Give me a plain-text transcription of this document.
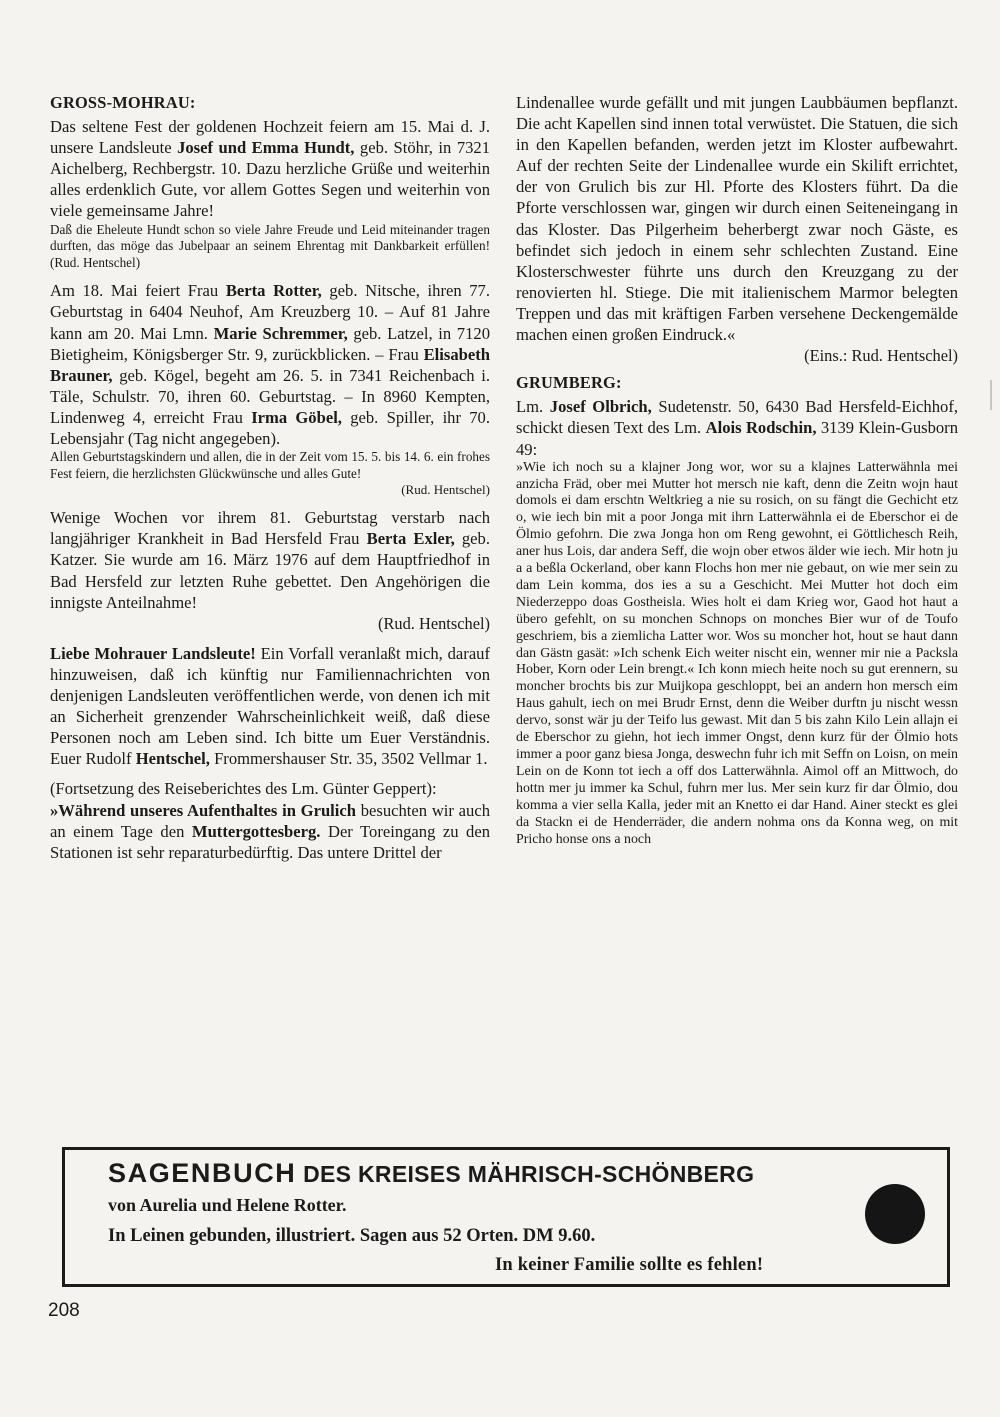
GROSS-MOHRAU:

Das seltene Fest der goldenen Hochzeit feiern am 15. Mai d. J. unsere Landsleute Josef und Emma Hundt, geb. Stöhr, in 7321 Aichelberg, Rechbergstr. 10. Dazu herzliche Grüße und weiterhin alles erdenklich Gute, vor allem Gottes Segen und weiterhin von viele gemeinsame Jahre!

Daß die Eheleute Hundt schon so viele Jahre Freude und Leid miteinander tragen durften, das möge das Jubelpaar an seinem Ehrentag mit Dankbarkeit erfüllen! (Rud. Hentschel)

Am 18. Mai feiert Frau Berta Rotter, geb. Nitsche, ihren 77. Geburtstag in 6404 Neuhof, Am Kreuzberg 10. – Auf 81 Jahre kann am 20. Mai Lmn. Marie Schremmer, geb. Latzel, in 7120 Bietigheim, Königsberger Str. 9, zurückblicken. – Frau Elisabeth Brauner, geb. Kögel, begeht am 26. 5. in 7341 Reichenbach i. Täle, Schulstr. 70, ihren 60. Geburtstag. – In 8960 Kempten, Lindenweg 4, erreicht Frau Irma Göbel, geb. Spiller, ihr 70. Lebensjahr (Tag nicht angegeben).

Allen Geburtstagskindern und allen, die in der Zeit vom 15. 5. bis 14. 6. ein frohes Fest feiern, die herzlichsten Glückwünsche und alles Gute!

(Rud. Hentschel)

Wenige Wochen vor ihrem 81. Geburtstag verstarb nach langjähriger Krankheit in Bad Hersfeld Frau Berta Exler, geb. Katzer. Sie wurde am 16. März 1976 auf dem Hauptfriedhof in Bad Hersfeld zur letzten Ruhe gebettet. Den Angehörigen die innigste Anteilnahme!

(Rud. Hentschel)

Liebe Mohrauer Landsleute! Ein Vorfall veranlaßt mich, darauf hinzuweisen, daß ich künftig nur Familiennachrichten von denjenigen Landsleuten veröffentlichen werde, von denen ich mit an Sicherheit grenzender Wahrscheinlichkeit weiß, daß diese Personen noch am Leben sind. Ich bitte um Euer Verständnis. Euer Rudolf Hentschel, Frommershauser Str. 35, 3502 Vellmar 1.

(Fortsetzung des Reiseberichtes des Lm. Günter Geppert):

»Während unseres Aufenthaltes in Grulich besuchten wir auch an einem Tage den Muttergottesberg. Der Toreingang zu den Stationen ist sehr reparaturbedürftig. Das untere Drittel der

Lindenallee wurde gefällt und mit jungen Laubbäumen bepflanzt. Die acht Kapellen sind innen total verwüstet. Die Statuen, die sich in den Kapellen befanden, werden jetzt im Kloster aufbewahrt. Auf der rechten Seite der Lindenallee wurde ein Skilift errichtet, der von Grulich bis zur Hl. Pforte des Klosters führt. Da die Pforte verschlossen war, gingen wir durch einen Seiteneingang in das Kloster. Das Pilgerheim beherbergt zwar noch Gäste, es befindet sich jedoch in einem sehr schlechten Zustand. Eine Klosterschwester führte uns durch den Kreuzgang zu der renovierten hl. Stiege. Die mit italienischem Marmor belegten Treppen und das mit kräftigen Farben versehene Deckengemälde machen einen großen Eindruck.«

(Eins.: Rud. Hentschel)

GRUMBERG:

Lm. Josef Olbrich, Sudetenstr. 50, 6430 Bad Hersfeld-Eichhof, schickt diesen Text des Lm. Alois Rodschin, 3139 Klein-Gusborn 49:

»Wie ich noch su a klajner Jong wor, wor su a klajnes Latterwähnla mei anzicha Fräd, ober mei Mutter hot mersch nie kaft, denn die Zeitn wojn haut domols ei dam erschtn Weltkrieg a nie su rosich, on su fängt die Gechicht etz o, wie iech bin mit a poor Jonga mit ihrn Latterwähnla ei de Eberschor ei de Ölmio gefohrn. Die zwa Jonga hon om Reng gewohnt, ei Göttlichesch Reih, aner hus Lois, dar andera Seff, die wojn ober etwos älder wie iech. Mir hotn ju a a beßla Ockerland, ober kann Flochs hon mer nie gebaut, on wie mer sein zu dam Lein komma, dos ies a su a Geschicht. Mei Mutter hot doch eim Niederzeppo doas Gostheisla. Wies holt ei dam Krieg wor, Gaod hot haut a übero gefehlt, on su monchen Schnops on monches Bier wur of de Toufo geschriem, bis a ziemlicha Latter wor. Wos su moncher hot, hout se haut dann dan Gästn gasät: »Ich schenk Eich weiter nischt ein, wenner mir nie a Packsla Hober, Korn oder Lein brengt.« Ich konn miech heite noch su gut erennern, su moncher brochts bis zur Muijkopa geschloppt, bei an andern hon mersch eim Haus gahult, iech on mei Brudr Ernst, denn die Weiber durftn ju nischt wessn dervo, sonst wär ju der Teifo lus gewast. Mit dan 5 bis zahn Kilo Lein allajn ei de Eberschor zu giehn, hot iech immer Ongst, denn kurz für der Ölmio hots immer a poor ganz biesa Jonga, deswechn fuhr ich mit Seffn on Loisn, on mein Lein on de Konn tot iech a off dos Latterwähnla. Aimol off an Mittwoch, do hottn mer ju immer ka Schul, fuhrn mer lus. Mer sein kurz fir dar Ölmio, dou komma a vier sella Kalla, jeder mit an Knetto ei dar Hand. Ainer steckt es glei da Stackn ei de Henderräder, die andern nohma ons da Konna weg, on mit Pricho honse ons a noch

SAGENBUCH DES KREISES MÄHRISCH-SCHÖNBERG
von Aurelia und Helene Rotter.
In Leinen gebunden, illustriert. Sagen aus 52 Orten. DM 9.60.
In keiner Familie sollte es fehlen!
208
